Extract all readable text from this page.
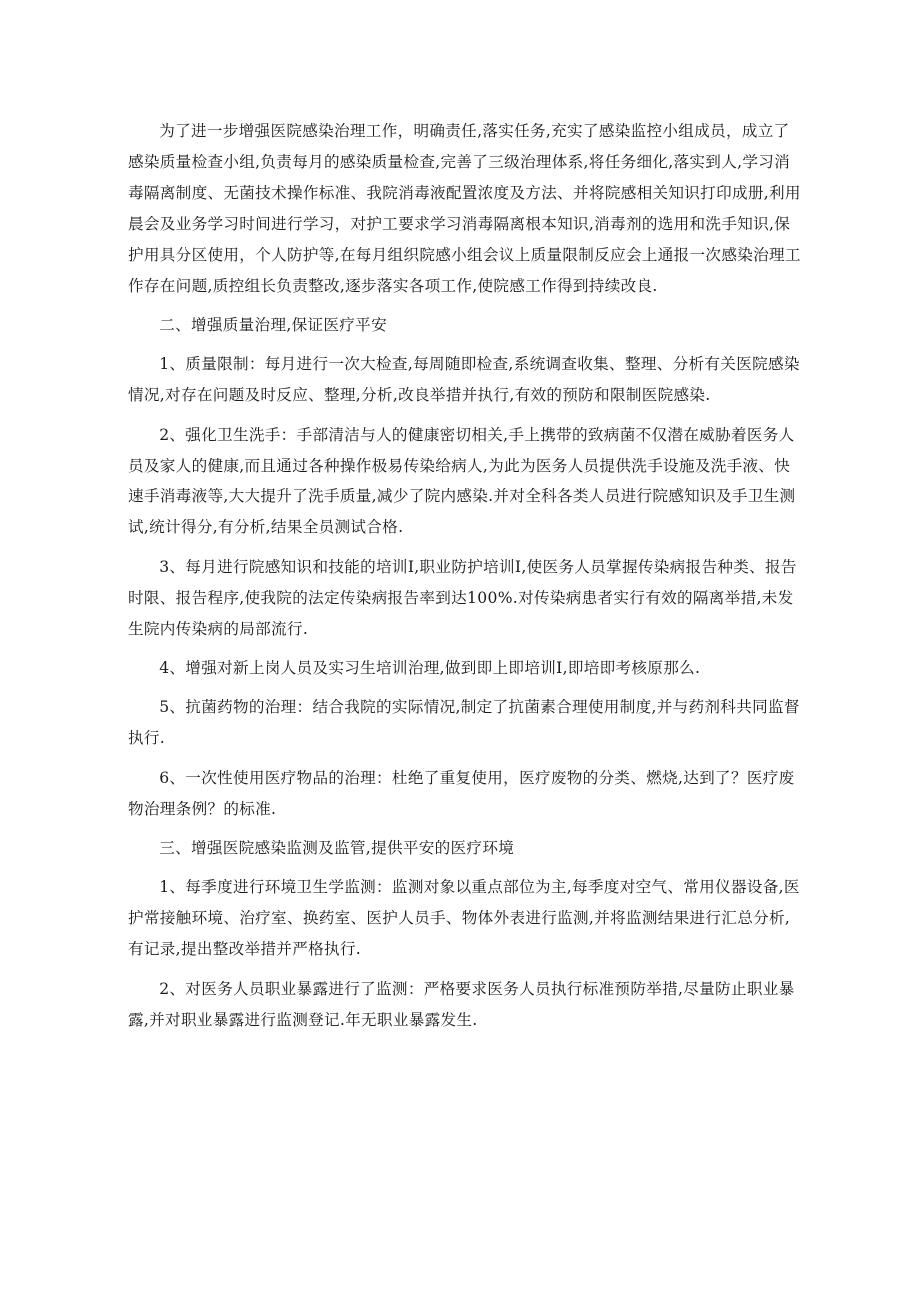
为了进一步增强医院感染治理工作，明确责任,落实任务,充实了感染监控小组成员，成立了感染质量检查小组,负责每月的感染质量检查,完善了三级治理体系,将任务细化,落实到人,学习消毒隔离制度、无菌技术操作标准、我院消毒液配置浓度及方法、并将院感相关知识打印成册,利用晨会及业务学习时间进行学习，对护工要求学习消毒隔离根本知识,消毒剂的选用和洗手知识,保护用具分区使用，个人防护等,在每月组织院感小组会议上质量限制反应会上通报一次感染治理工作存在问题,质控组长负责整改,逐步落实各项工作,使院感工作得到持续改良.

二、增强质量治理,保证医疗平安

1、质量限制：每月进行一次大检查,每周随即检查,系统调查收集、整理、分析有关医院感染情况,对存在问题及时反应、整理,分析,改良举措并执行,有效的预防和限制医院感染.

2、强化卫生洗手：手部清洁与人的健康密切相关,手上携带的致病菌不仅潜在威胁着医务人员及家人的健康,而且通过各种操作极易传染给病人,为此为医务人员提供洗手设施及洗手液、快速手消毒液等,大大提升了洗手质量,减少了院内感染.并对全科各类人员进行院感知识及手卫生测试,统计得分,有分析,结果全员测试合格.

3、每月进行院感知识和技能的培训I,职业防护培训I,使医务人员掌握传染病报告种类、报告时限、报告程序,使我院的法定传染病报告率到达100%.对传染病患者实行有效的隔离举措,未发生院内传染病的局部流行.

4、增强对新上岗人员及实习生培训治理,做到即上即培训I,即培即考核原那么.

5、抗菌药物的治理：结合我院的实际情况,制定了抗菌素合理使用制度,并与药剂科共同监督执行.

6、一次性使用医疗物品的治理：杜绝了重复使用，医疗废物的分类、燃烧,达到了？医疗废物治理条例？的标准.

三、增强医院感染监测及监管,提供平安的医疗环境

1、每季度进行环境卫生学监测：监测对象以重点部位为主,每季度对空气、常用仪器设备,医护常接触环境、治疗室、换药室、医护人员手、物体外表进行监测,并将监测结果进行汇总分析,有记录,提出整改举措并严格执行.

2、对医务人员职业暴露进行了监测：严格要求医务人员执行标准预防举措,尽量防止职业暴露,并对职业暴露进行监测登记.年无职业暴露发生.
